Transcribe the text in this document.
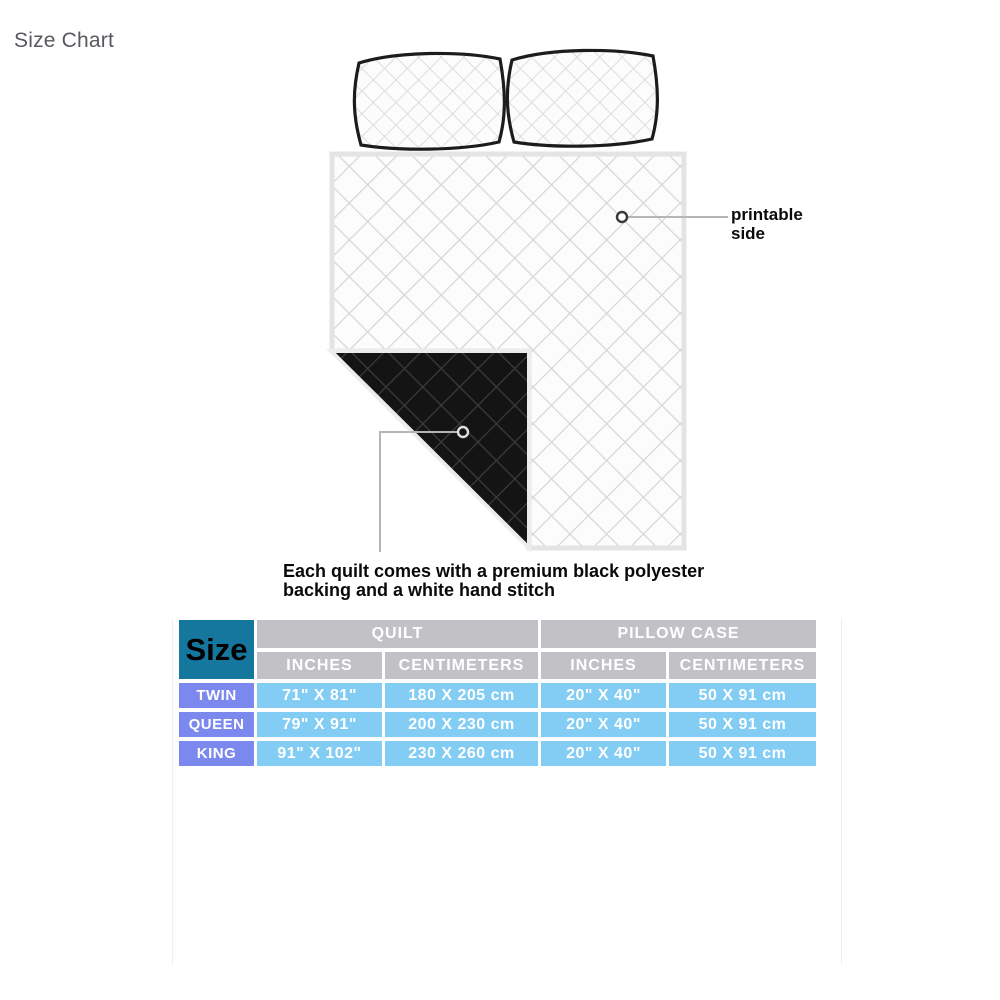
Size Chart
printable
side
Each quilt comes with a premium black polyester
backing and a white hand stitch
Size	QUILT	PILLOW CASE
INCHES	CENTIMETERS	INCHES	CENTIMETERS
TWIN	71" X 81"	180 X 205 cm	20" X 40"	50 X 91 cm
QUEEN	79" X 91"	200 X 230 cm	20" X 40"	50 X 91 cm
KING	91" X 102"	230 X 260 cm	20" X 40"	50 X 91 cm
